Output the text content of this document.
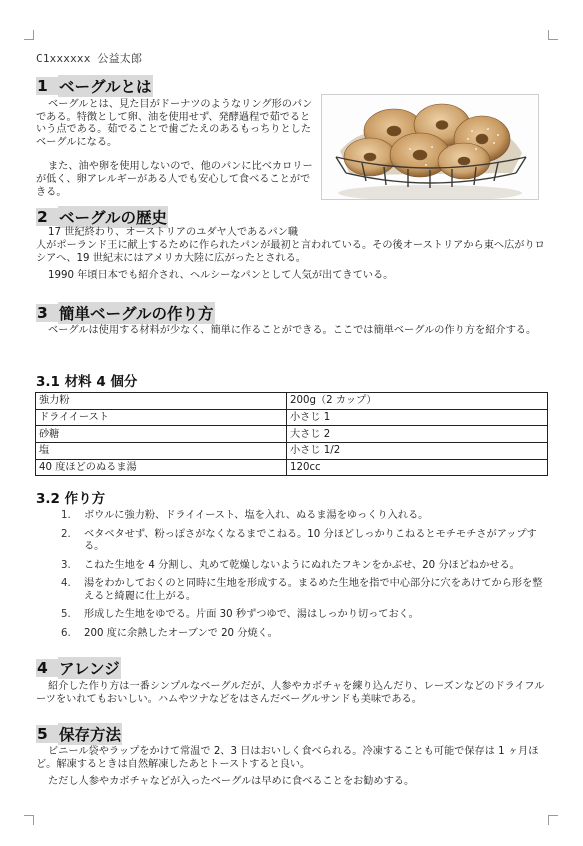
C1xxxxxx 公益太郎
1 ベーグルとは

ベーグルとは、見た目がドーナツのようなリング形のパンである。特徴として卵、油を使用せず、発酵過程で茹でるという点である。茹でることで歯ごたえのあるもっちりとしたベーグルになる。

また、油や卵を使用しないので、他のパンに比べカロリーが低く、卵アレルギーがある人でも安心して食べることができる。

2 ベーグルの歴史

17 世紀終わり、オーストリアのユダヤ人であるパン職

人がポーランド王に献上するために作られたパンが最初と言われている。その後オーストリアから東へ広がりロシアへ、19 世紀末にはアメリカ大陸に広がったとされる。

1990 年頃日本でも紹介され、ヘルシーなパンとして人気が出てきている。

3 簡単ベーグルの作り方

ベーグルは使用する材料が少なく、簡単に作ることができる。ここでは簡単ベーグルの作り方を紹介する。

3.1 材料 4 個分
強力粉	200g（2 カップ）
ドライイースト	小さじ 1
砂糖	大さじ 2
塩	小さじ 1/2
40 度ほどのぬるま湯	120cc
3.2 作り方
1.	ボウルに強力粉、ドライイースト、塩を入れ、ぬるま湯をゆっくり入れる。
2.	ベタベタせず、粉っぽさがなくなるまでこねる。10 分ほどしっかりこねるとモチモチさがアップする。
3.	こねた生地を 4 分割し、丸めて乾燥しないようにぬれたフキンをかぶせ、20 分ほどねかせる。
4.	湯をわかしておくのと同時に生地を形成する。まるめた生地を指で中心部分に穴をあけてから形を整えると綺麗に仕上がる。
5.	形成した生地をゆでる。片面 30 秒ずつゆで、湯はしっかり切っておく。
6.	200 度に余熱したオーブンで 20 分焼く。
4 アレンジ

紹介した作り方は一番シンプルなベーグルだが、人参やカボチャを練り込んだり、レーズンなどのドライフルーツをいれてもおいしい。ハムやツナなどをはさんだベーグルサンドも美味である。

5 保存方法

ビニール袋やラップをかけて常温で 2、3 日はおいしく食べられる。冷凍することも可能で保存は 1 ヶ月ほど。解凍するときは自然解凍したあとトーストすると良い。

ただし人参やカボチャなどが入ったベーグルは早めに食べることをお勧めする。
